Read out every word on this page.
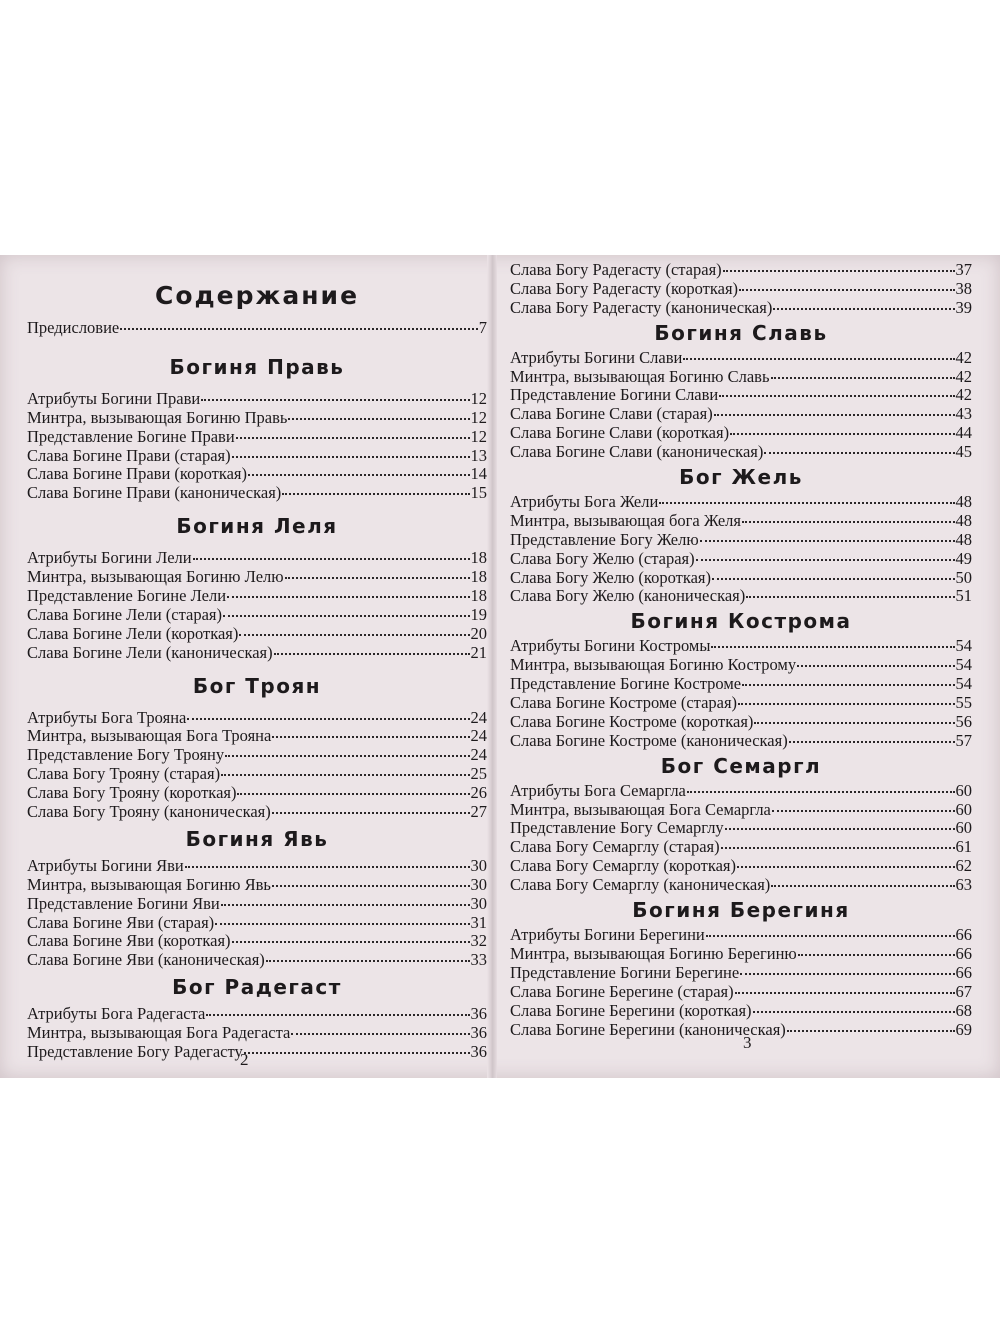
Содержание
Предисловие	7
Богиня Правь
Атрибуты Богини Прави	12
Минтра, вызывающая Богиню Правь	12
Представление Богине Прави	12
Слава Богине Прави (старая)	13
Слава Богине Прави (короткая)	14
Слава Богине Прави (каноническая)	15
Богиня Леля
Атрибуты Богини Лели	18
Минтра, вызывающая Богиню Лелю	18
Представление Богине Лели	18
Слава Богине Лели (старая)	19
Слава Богине Лели (короткая)	20
Слава Богине Лели (каноническая)	21
Бог Троян
Атрибуты Бога Трояна	24
Минтра, вызывающая Бога Трояна	24
Представление Богу Трояну	24
Слава Богу Трояну (старая)	25
Слава Богу Трояну (короткая)	26
Слава Богу Трояну (каноническая)	27
Богиня Явь
Атрибуты Богини Яви	30
Минтра, вызывающая Богиню Явь	30
Представление Богини Яви	30
Слава Богине Яви (старая)	31
Слава Богине Яви (короткая)	32
Слава Богине Яви (каноническая)	33
Бог Радегаст
Атрибуты Бога Радегаста	36
Минтра, вызывающая Бога Радегаста	36
Представление Богу Радегасту	36
Слава Богу Радегасту (старая)	37
Слава Богу Радегасту (короткая)	38
Слава Богу Радегасту (каноническая)	39
Богиня Славь
Атрибуты Богини Слави	42
Минтра, вызывающая Богиню Славь	42
Представление Богини Слави	42
Слава Богине Слави (старая)	43
Слава Богине Слави (короткая)	44
Слава Богине Слави (каноническая)	45
Бог Жель
Атрибуты Бога Жели	48
Минтра, вызывающая бога Желя	48
Представление Богу Желю	48
Слава Богу Желю (старая)	49
Слава Богу Желю (короткая)	50
Слава Богу Желю (каноническая)	51
Богиня Кострома
Атрибуты Богини Костромы	54
Минтра, вызывающая Богиню Кострому	54
Представление Богине Костроме	54
Слава Богине Костроме (старая)	55
Слава Богине Костроме (короткая)	56
Слава Богине Костроме (каноническая)	57
Бог Семаргл
Атрибуты Бога Семаргла	60
Минтра, вызывающая Бога Семаргла	60
Представление Богу Семарглу	60
Слава Богу Семарглу (старая)	61
Слава Богу Семарглу (короткая)	62
Слава Богу Семарглу (каноническая)	63
Богиня Берегиня
Атрибуты Богини Берегини	66
Минтра, вызывающая Богиню Берегиню	66
Представление Богини Берегине	66
Слава Богине Берегине (старая)	67
Слава Богине Берегини (короткая)	68
Слава Богине Берегини (каноническая)	69
2
3
